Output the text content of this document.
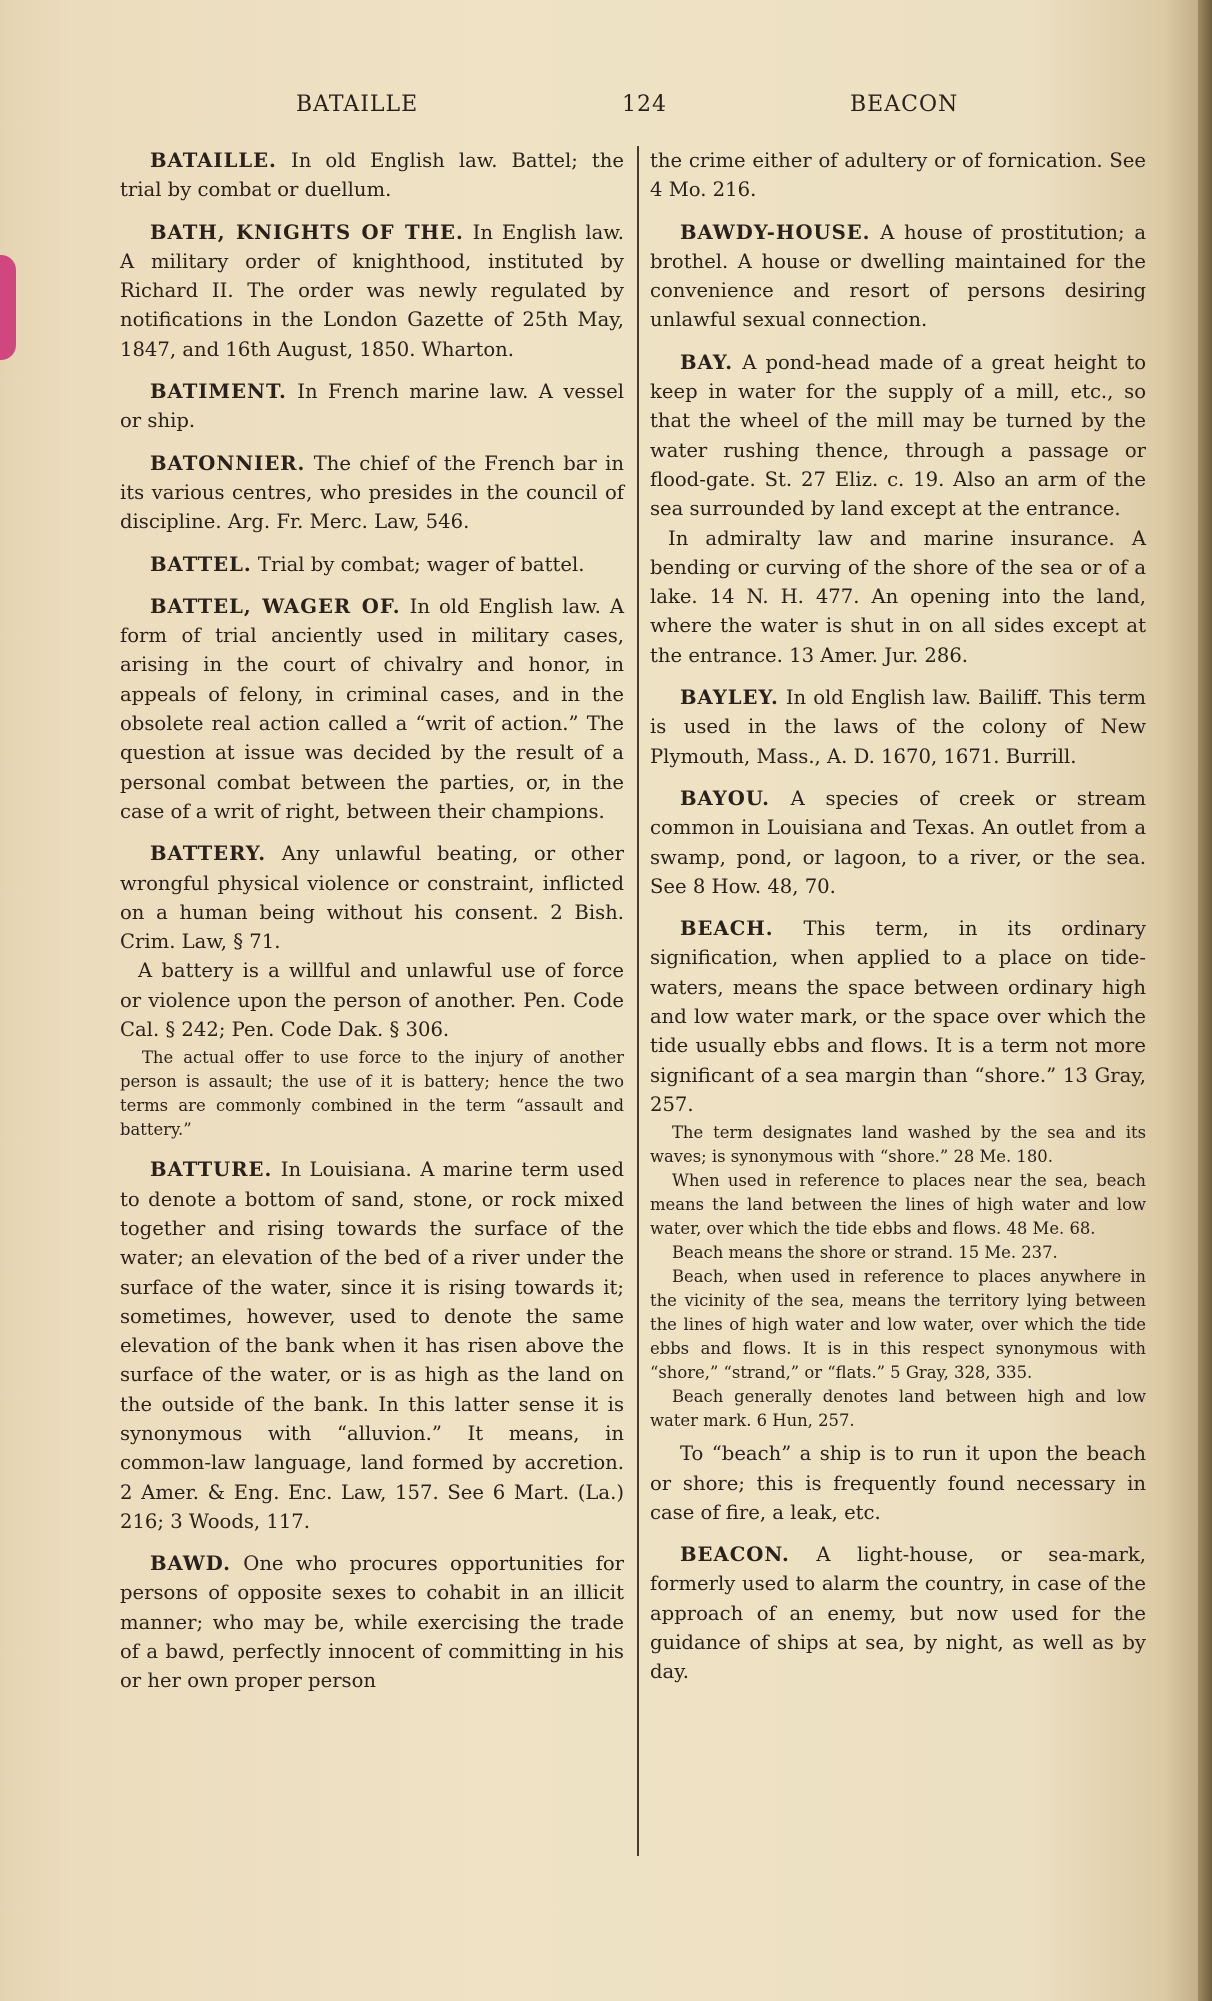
BATAILLE	124	BEACON

BATAILLE. In old English law. Battel; the trial by combat or duellum.

BATH, KNIGHTS OF THE. In English law. A military order of knighthood, instituted by Richard II. The order was newly regulated by notifications in the London Gazette of 25th May, 1847, and 16th August, 1850. Wharton.

BATIMENT. In French marine law. A vessel or ship.

BATONNIER. The chief of the French bar in its various centres, who presides in the council of discipline. Arg. Fr. Merc. Law, 546.

BATTEL. Trial by combat; wager of battel.

BATTEL, WAGER OF. In old English law. A form of trial anciently used in military cases, arising in the court of chivalry and honor, in appeals of felony, in criminal cases, and in the obsolete real action called a “writ of action.” The question at issue was decided by the result of a personal combat between the parties, or, in the case of a writ of right, between their champions.

BATTERY. Any unlawful beating, or other wrongful physical violence or constraint, inflicted on a human being without his consent. 2 Bish. Crim. Law, § 71.

A battery is a willful and unlawful use of force or violence upon the person of another. Pen. Code Cal. § 242; Pen. Code Dak. § 306.

The actual offer to use force to the injury of another person is assault; the use of it is battery; hence the two terms are commonly combined in the term “assault and battery.”

BATTURE. In Louisiana. A marine term used to denote a bottom of sand, stone, or rock mixed together and rising towards the surface of the water; an elevation of the bed of a river under the surface of the water, since it is rising towards it; sometimes, however, used to denote the same elevation of the bank when it has risen above the surface of the water, or is as high as the land on the outside of the bank. In this latter sense it is synonymous with “alluvion.” It means, in common-law language, land formed by accretion. 2 Amer. & Eng. Enc. Law, 157. See 6 Mart. (La.) 216; 3 Woods, 117.

BAWD. One who procures opportunities for persons of opposite sexes to cohabit in an illicit manner; who may be, while exercising the trade of a bawd, perfectly innocent of committing in his or her own proper person

the crime either of adultery or of fornication. See 4 Mo. 216.

BAWDY-HOUSE. A house of prostitution; a brothel. A house or dwelling maintained for the convenience and resort of persons desiring unlawful sexual connection.

BAY. A pond-head made of a great height to keep in water for the supply of a mill, etc., so that the wheel of the mill may be turned by the water rushing thence, through a passage or flood-gate. St. 27 Eliz. c. 19. Also an arm of the sea surrounded by land except at the entrance.

In admiralty law and marine insurance. A bending or curving of the shore of the sea or of a lake. 14 N. H. 477. An opening into the land, where the water is shut in on all sides except at the entrance. 13 Amer. Jur. 286.

BAYLEY. In old English law. Bailiff. This term is used in the laws of the colony of New Plymouth, Mass., A. D. 1670, 1671. Burrill.

BAYOU. A species of creek or stream common in Louisiana and Texas. An outlet from a swamp, pond, or lagoon, to a river, or the sea. See 8 How. 48, 70.

BEACH. This term, in its ordinary signification, when applied to a place on tide-waters, means the space between ordinary high and low water mark, or the space over which the tide usually ebbs and flows. It is a term not more significant of a sea margin than “shore.” 13 Gray, 257.

The term designates land washed by the sea and its waves; is synonymous with “shore.” 28 Me. 180.

When used in reference to places near the sea, beach means the land between the lines of high water and low water, over which the tide ebbs and flows. 48 Me. 68.

Beach means the shore or strand. 15 Me. 237.

Beach, when used in reference to places anywhere in the vicinity of the sea, means the territory lying between the lines of high water and low water, over which the tide ebbs and flows. It is in this respect synonymous with “shore,” “strand,” or “flats.” 5 Gray, 328, 335.

Beach generally denotes land between high and low water mark. 6 Hun, 257.

To “beach” a ship is to run it upon the beach or shore; this is frequently found necessary in case of fire, a leak, etc.

BEACON. A light-house, or sea-mark, formerly used to alarm the country, in case of the approach of an enemy, but now used for the guidance of ships at sea, by night, as well as by day.
